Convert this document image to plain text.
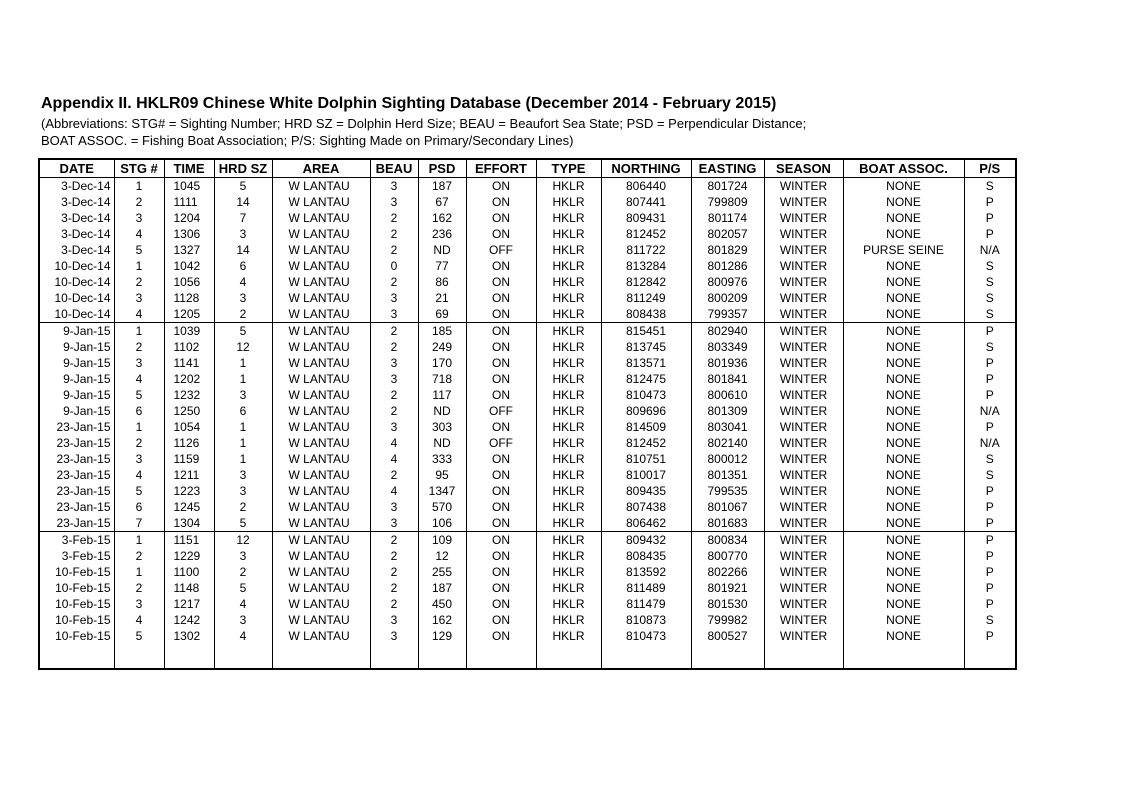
Appendix II. HKLR09 Chinese White Dolphin Sighting Database (December 2014 - February 2015)
(Abbreviations: STG# = Sighting Number; HRD SZ = Dolphin Herd Size; BEAU = Beaufort Sea State; PSD = Perpendicular Distance;
BOAT ASSOC. = Fishing Boat Association; P/S: Sighting Made on Primary/Secondary Lines)
DATE	STG #	TIME	HRD SZ	AREA	BEAU	PSD	EFFORT	TYPE	NORTHING	EASTING	SEASON	BOAT ASSOC.	P/S
3-Dec-14	1	1045	5	W LANTAU	3	187	ON	HKLR	806440	801724	WINTER	NONE	S
3-Dec-14	2	1111	14	W LANTAU	3	67	ON	HKLR	807441	799809	WINTER	NONE	P
3-Dec-14	3	1204	7	W LANTAU	2	162	ON	HKLR	809431	801174	WINTER	NONE	P
3-Dec-14	4	1306	3	W LANTAU	2	236	ON	HKLR	812452	802057	WINTER	NONE	P
3-Dec-14	5	1327	14	W LANTAU	2	ND	OFF	HKLR	811722	801829	WINTER	PURSE SEINE	N/A
10-Dec-14	1	1042	6	W LANTAU	0	77	ON	HKLR	813284	801286	WINTER	NONE	S
10-Dec-14	2	1056	4	W LANTAU	2	86	ON	HKLR	812842	800976	WINTER	NONE	S
10-Dec-14	3	1128	3	W LANTAU	3	21	ON	HKLR	811249	800209	WINTER	NONE	S
10-Dec-14	4	1205	2	W LANTAU	3	69	ON	HKLR	808438	799357	WINTER	NONE	S
9-Jan-15	1	1039	5	W LANTAU	2	185	ON	HKLR	815451	802940	WINTER	NONE	P
9-Jan-15	2	1102	12	W LANTAU	2	249	ON	HKLR	813745	803349	WINTER	NONE	S
9-Jan-15	3	1141	1	W LANTAU	3	170	ON	HKLR	813571	801936	WINTER	NONE	P
9-Jan-15	4	1202	1	W LANTAU	3	718	ON	HKLR	812475	801841	WINTER	NONE	P
9-Jan-15	5	1232	3	W LANTAU	2	117	ON	HKLR	810473	800610	WINTER	NONE	P
9-Jan-15	6	1250	6	W LANTAU	2	ND	OFF	HKLR	809696	801309	WINTER	NONE	N/A
23-Jan-15	1	1054	1	W LANTAU	3	303	ON	HKLR	814509	803041	WINTER	NONE	P
23-Jan-15	2	1126	1	W LANTAU	4	ND	OFF	HKLR	812452	802140	WINTER	NONE	N/A
23-Jan-15	3	1159	1	W LANTAU	4	333	ON	HKLR	810751	800012	WINTER	NONE	S
23-Jan-15	4	1211	3	W LANTAU	2	95	ON	HKLR	810017	801351	WINTER	NONE	S
23-Jan-15	5	1223	3	W LANTAU	4	1347	ON	HKLR	809435	799535	WINTER	NONE	P
23-Jan-15	6	1245	2	W LANTAU	3	570	ON	HKLR	807438	801067	WINTER	NONE	P
23-Jan-15	7	1304	5	W LANTAU	3	106	ON	HKLR	806462	801683	WINTER	NONE	P
3-Feb-15	1	1151	12	W LANTAU	2	109	ON	HKLR	809432	800834	WINTER	NONE	P
3-Feb-15	2	1229	3	W LANTAU	2	12	ON	HKLR	808435	800770	WINTER	NONE	P
10-Feb-15	1	1100	2	W LANTAU	2	255	ON	HKLR	813592	802266	WINTER	NONE	P
10-Feb-15	2	1148	5	W LANTAU	2	187	ON	HKLR	811489	801921	WINTER	NONE	P
10-Feb-15	3	1217	4	W LANTAU	2	450	ON	HKLR	811479	801530	WINTER	NONE	P
10-Feb-15	4	1242	3	W LANTAU	3	162	ON	HKLR	810873	799982	WINTER	NONE	S
10-Feb-15	5	1302	4	W LANTAU	3	129	ON	HKLR	810473	800527	WINTER	NONE	P
